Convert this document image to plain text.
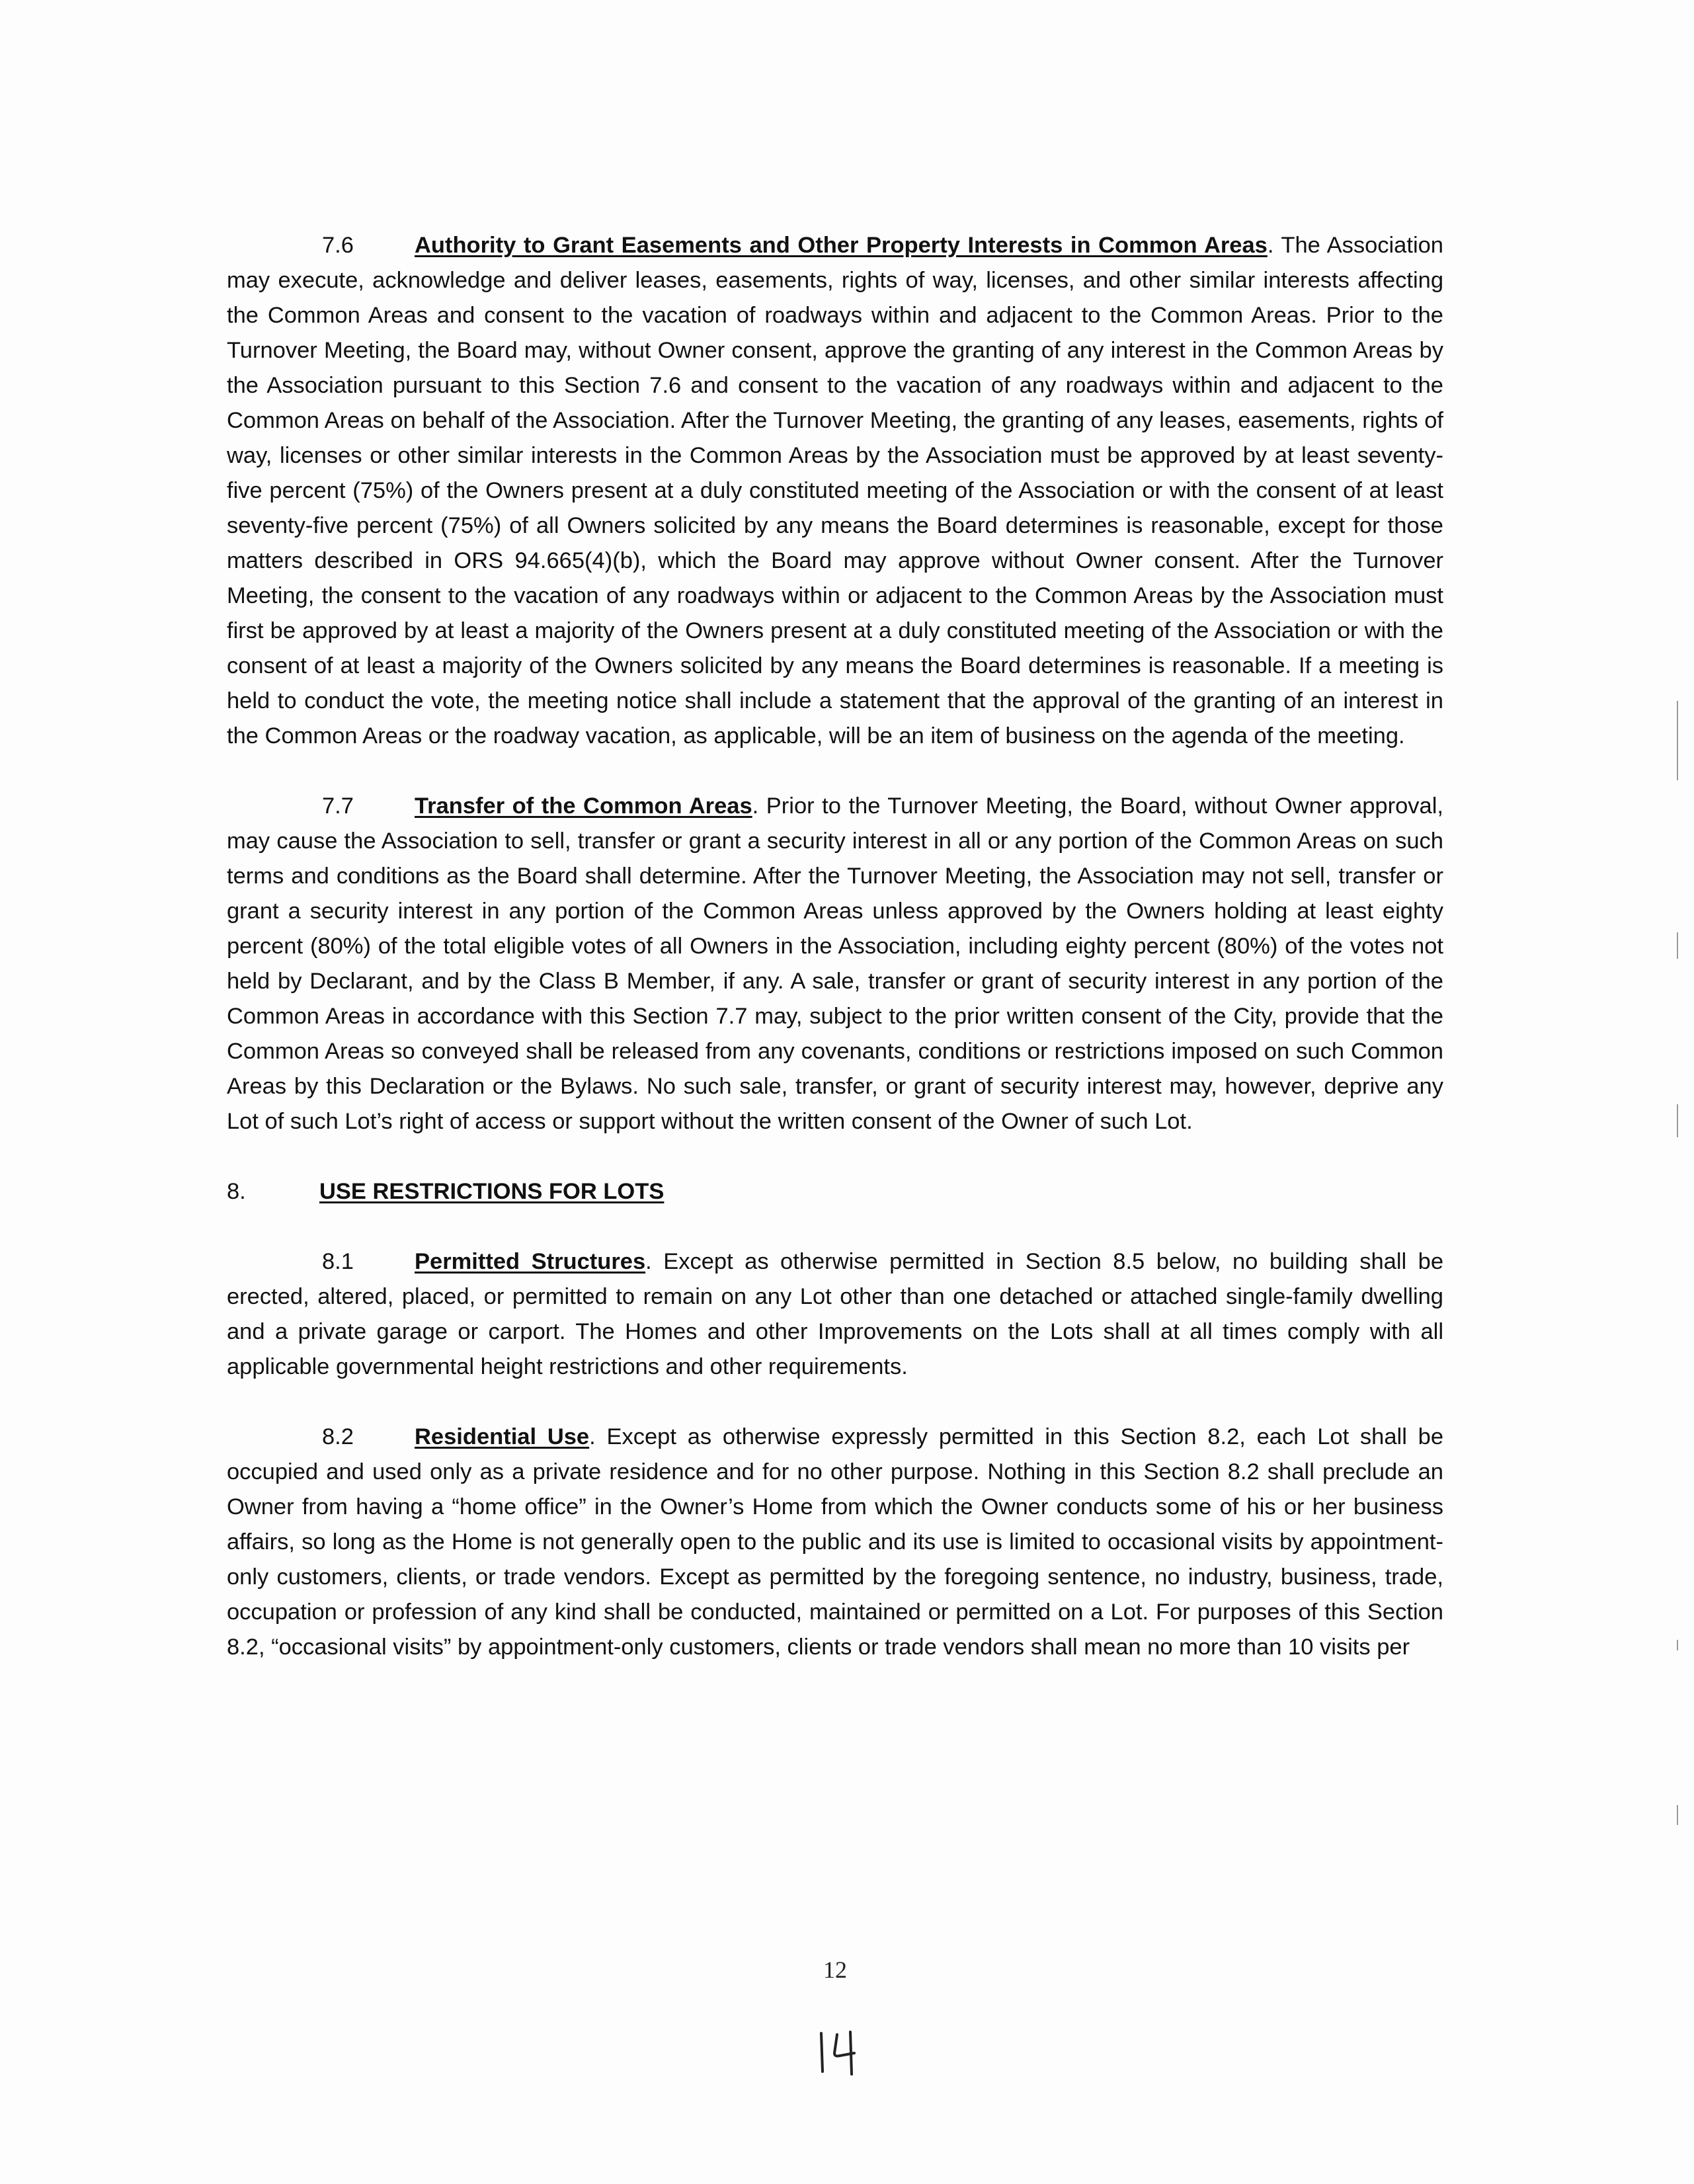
7.6	Authority to Grant Easements and Other Property Interests in Common Areas. The Association may execute, acknowledge and deliver leases, easements, rights of way, licenses, and other similar interests affecting the Common Areas and consent to the vacation of roadways within and adjacent to the Common Areas. Prior to the Turnover Meeting, the Board may, without Owner consent, approve the granting of any interest in the Common Areas by the Association pursuant to this Section 7.6 and consent to the vacation of any roadways within and adjacent to the Common Areas on behalf of the Association. After the Turnover Meeting, the granting of any leases, easements, rights of way, licenses or other similar interests in the Common Areas by the Association must be approved by at least seventy-five percent (75%) of the Owners present at a duly constituted meeting of the Association or with the consent of at least seventy-five percent (75%) of all Owners solicited by any means the Board determines is reasonable, except for those matters described in ORS 94.665(4)(b), which the Board may approve without Owner consent. After the Turnover Meeting, the consent to the vacation of any roadways within or adjacent to the Common Areas by the Association must first be approved by at least a majority of the Owners present at a duly constituted meeting of the Association or with the consent of at least a majority of the Owners solicited by any means the Board determines is reasonable. If a meeting is held to conduct the vote, the meeting notice shall include a statement that the approval of the granting of an interest in the Common Areas or the roadway vacation, as applicable, will be an item of business on the agenda of the meeting.

7.7	Transfer of the Common Areas. Prior to the Turnover Meeting, the Board, without Owner approval, may cause the Association to sell, transfer or grant a security interest in all or any portion of the Common Areas on such terms and conditions as the Board shall determine. After the Turnover Meeting, the Association may not sell, transfer or grant a security interest in any portion of the Common Areas unless approved by the Owners holding at least eighty percent (80%) of the total eligible votes of all Owners in the Association, including eighty percent (80%) of the votes not held by Declarant, and by the Class B Member, if any. A sale, transfer or grant of security interest in any portion of the Common Areas in accordance with this Section 7.7 may, subject to the prior written consent of the City, provide that the Common Areas so conveyed shall be released from any covenants, conditions or restrictions imposed on such Common Areas by this Declaration or the Bylaws. No such sale, transfer, or grant of security interest may, however, deprive any Lot of such Lot’s right of access or support without the written consent of the Owner of such Lot.

8.	USE RESTRICTIONS FOR LOTS

8.1	Permitted Structures. Except as otherwise permitted in Section 8.5 below, no building shall be erected, altered, placed, or permitted to remain on any Lot other than one detached or attached single-family dwelling and a private garage or carport. The Homes and other Improvements on the Lots shall at all times comply with all applicable governmental height restrictions and other requirements.

8.2	Residential Use. Except as otherwise expressly permitted in this Section 8.2, each Lot shall be occupied and used only as a private residence and for no other purpose. Nothing in this Section 8.2 shall preclude an Owner from having a “home office” in the Owner’s Home from which the Owner conducts some of his or her business affairs, so long as the Home is not generally open to the public and its use is limited to occasional visits by appointment-only customers, clients, or trade vendors. Except as permitted by the foregoing sentence, no industry, business, trade, occupation or profession of any kind shall be conducted, maintained or permitted on a Lot. For purposes of this Section 8.2, “occasional visits” by appointment-only customers, clients or trade vendors shall mean no more than 10 visits per

12
